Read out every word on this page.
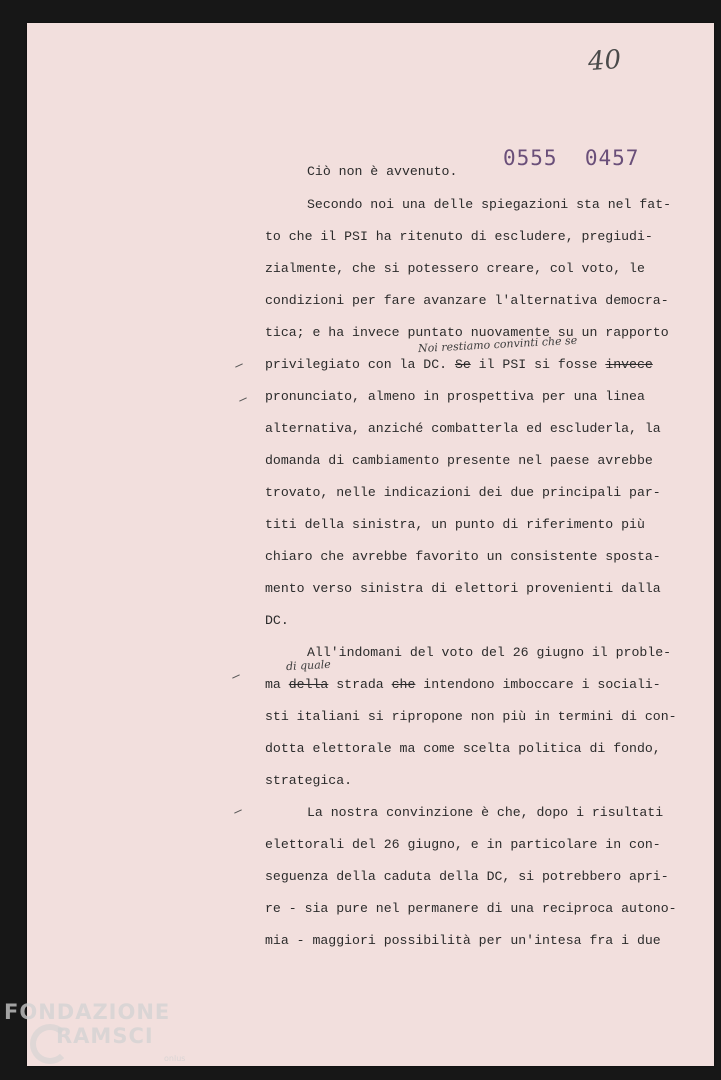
40
0555  0457
Ciò non è avvenuto.
Secondo noi una delle spiegazioni sta nel fat-
to che il PSI ha ritenuto di escludere, pregiudi-
zialmente, che si potessero creare, col voto, le
condizioni per fare avanzare l'alternativa democra-
tica; e ha invece puntato nuovamente su un rapporto
Noi restiamo convinti che se
privilegiato con la DC. Se il PSI si fosse invece
pronunciato, almeno in prospettiva per una linea
alternativa, anziché combatterla ed escluderla, la
domanda di cambiamento presente nel paese avrebbe
trovato, nelle indicazioni dei due principali par-
titi della sinistra, un punto di riferimento più
chiaro che avrebbe favorito un consistente sposta-
mento verso sinistra di elettori provenienti dalla
DC.
All'indomani del voto del 26 giugno il proble-
di quale
ma della strada che intendono imboccare i sociali-
sti italiani si ripropone non più in termini di con-
dotta elettorale ma come scelta politica di fondo,
strategica.
La nostra convinzione è che, dopo i risultati
elettorali del 26 giugno, e in particolare in con-
seguenza della caduta della DC, si potrebbero apri-
re - sia pure nel permanere di una reciproca autono-
mia - maggiori possibilità per un'intesa fra i due
FONDAZIONE
RAMSCI
onlus
